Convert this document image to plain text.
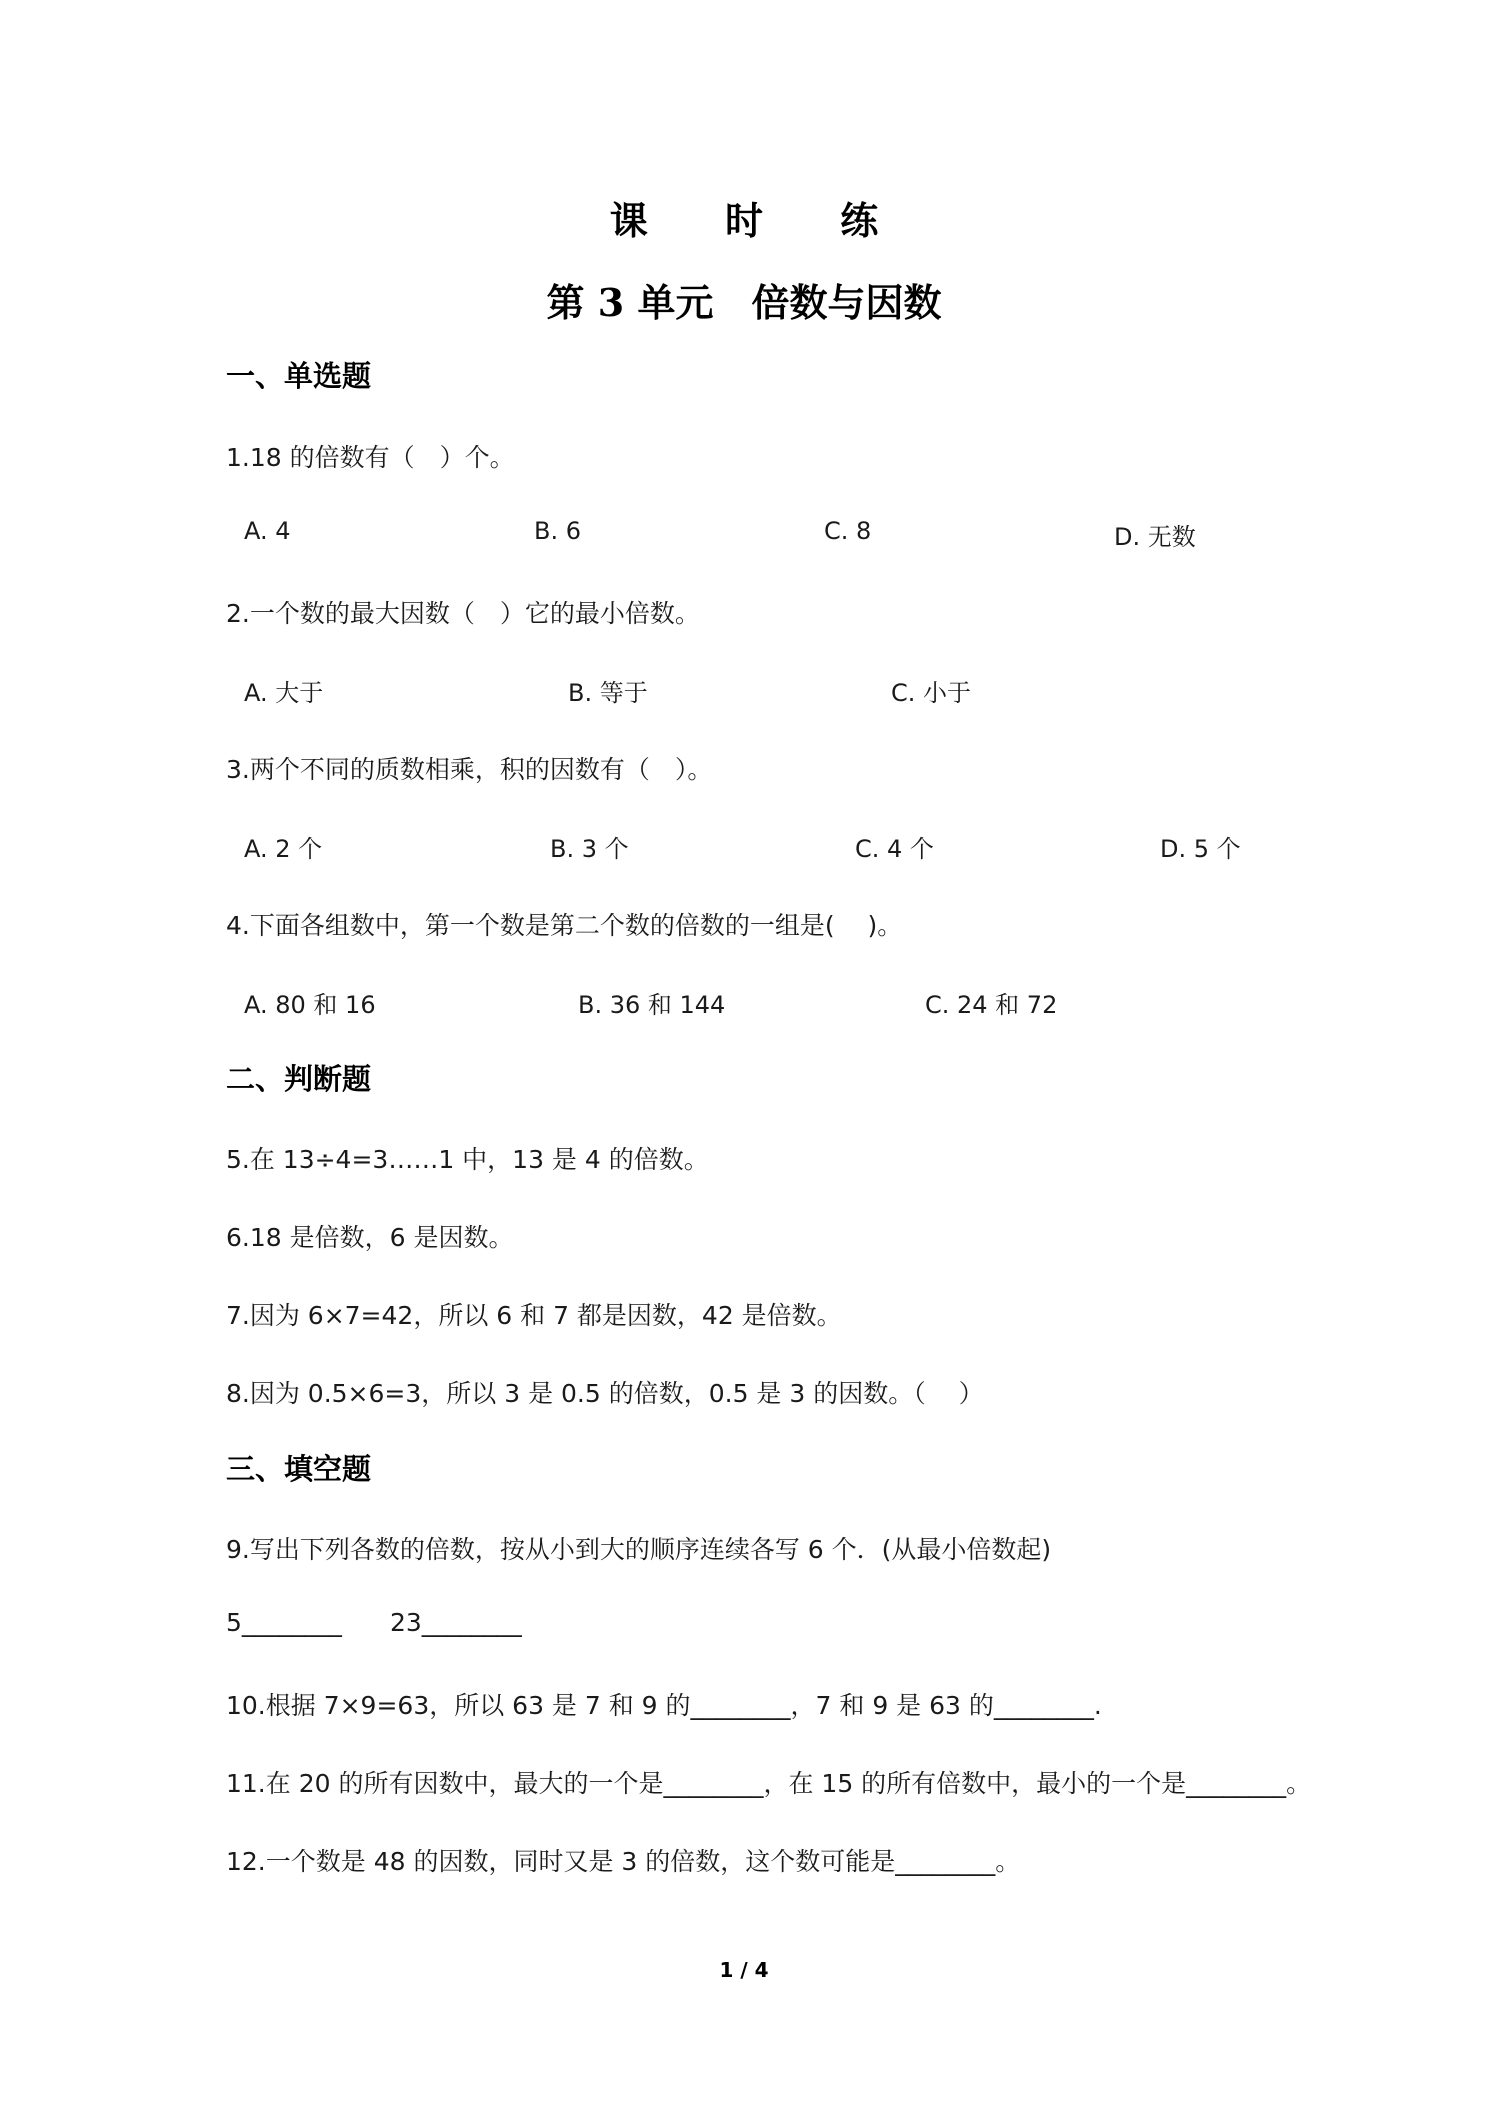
课 时 练
第 3 单元　倍数与因数
一、单选题
1.18 的倍数有（　）个。
A. 4	B. 6	C. 8	D. 无数
2.一个数的最大因数（　）它的最小倍数。
A. 大于	B. 等于	C. 小于
3.两个不同的质数相乘，积的因数有（　）。
A. 2 个	B. 3 个	C. 4 个	D. 5 个
4.下面各组数中，第一个数是第二个数的倍数的一组是(　 )。
A. 80 和 16	B. 36 和 144	C. 24 和 72
二、判断题
5.在 13÷4=3……1 中，13 是 4 的倍数。
6.18 是倍数，6 是因数。
7.因为 6×7=42，所以 6 和 7 都是因数，42 是倍数。
8.因为 0.5×6=3，所以 3 是 0.5 的倍数，0.5 是 3 的因数。（　 ）
三、填空题
9.写出下列各数的倍数，按从小到大的顺序连续各写 6 个．(从最小倍数起)
5________ 23________
10.根据 7×9=63，所以 63 是 7 和 9 的________，7 和 9 是 63 的________.
11.在 20 的所有因数中，最大的一个是________，在 15 的所有倍数中，最小的一个是________。
12.一个数是 48 的因数，同时又是 3 的倍数，这个数可能是________。
1 / 4
